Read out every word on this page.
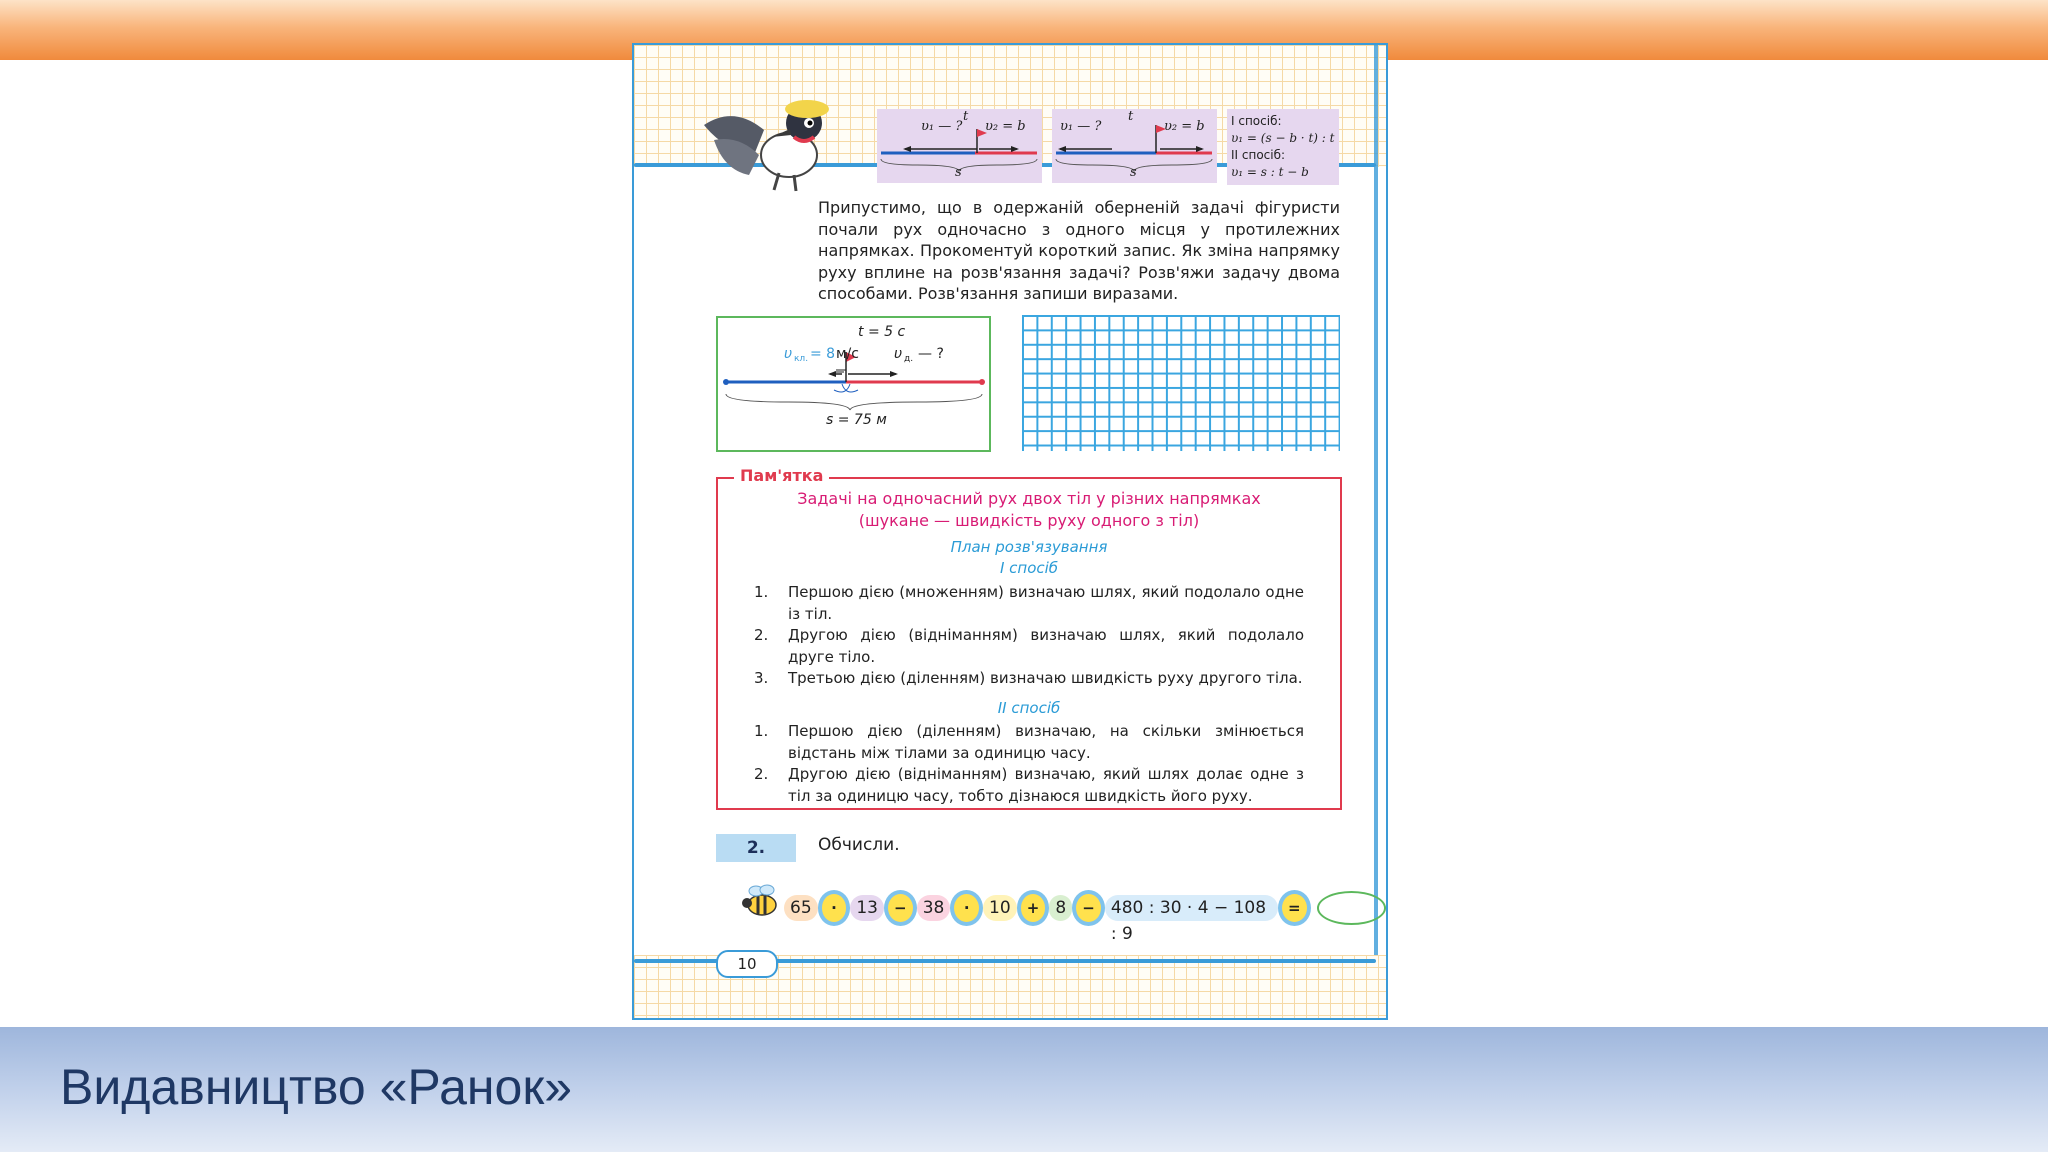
υ₁ — ? υ₂ = b
t
s
υ₁ — ?	υ₂ = b
t
s
I спосіб:
υ₁ = (s − b · t) : t
II спосіб:
υ₁ = s : t − b
Припустимо, що в одержаній оберненій задачі фігуристи почали рух одночасно з одного місця у протилежних напрямках. Прокоментуй короткий запис. Як зміна напрямку руху вплине на розв'язання задачі? Розв'яжи задачу двома способами. Розв'язання запиши виразами.
t = 5 с
υ кл. = 8 м/с	υ д. — ?
s = 75 м
Пам'ятка
Задачі на одночасний рух двох тіл у різних напрямках
(шукане — швидкість руху одного з тіл)
План розв'язування
I спосіб
1. Першою дією (множенням) визначаю шлях, який подолало одне із тіл.
2. Другою дією (відніманням) визначаю шлях, який подолало друге тіло.
3. Третьою дією (діленням) визначаю швидкість руху другого тіла.
II спосіб
1. Першою дією (діленням) визначаю, на скільки змінюється відстань між тілами за одиницю часу.
2. Другою дією (відніманням) визначаю, який шлях долає одне з тіл за одиницю часу, тобто дізнаюся швидкість його руху.
2.	Обчисли.
65	·	13	− 38	·	10	+ 8	− 480 : 30 · 4 − 108 : 9
=
10
Видавництво «Ранок»
